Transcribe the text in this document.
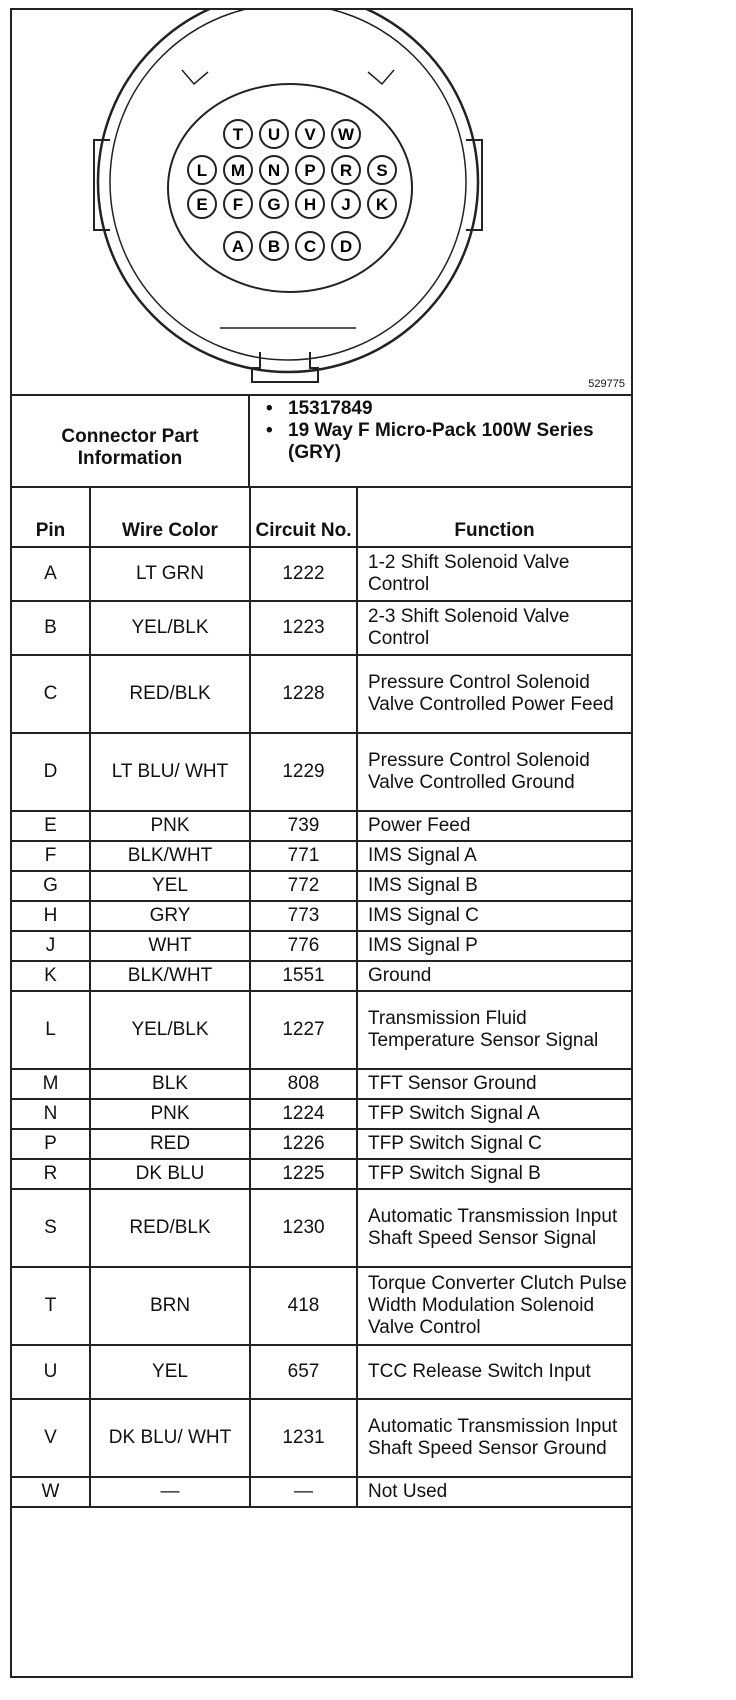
T U V W
L M N P R S
E F G H J K
A B C D
529775
Connector Part
Information
• 15317849
• 19 Way F Micro-Pack 100W Series (GRY)
Pin	Wire Color	Circuit No.	Function
A	LT GRN	1222	1-2 Shift Solenoid Valve Control
B	YEL/BLK	1223	2-3 Shift Solenoid Valve Control
C	RED/BLK	1228	Pressure Control Solenoid Valve Controlled Power Feed
D	LT BLU/ WHT	1229	Pressure Control Solenoid Valve Controlled Ground
E	PNK	739	Power Feed
F	BLK/WHT	771	IMS Signal A
G	YEL	772	IMS Signal B
H	GRY	773	IMS Signal C
J	WHT	776	IMS Signal P
K	BLK/WHT	1551	Ground
L	YEL/BLK	1227	Transmission Fluid Temperature Sensor Signal
M	BLK	808	TFT Sensor Ground
N	PNK	1224	TFP Switch Signal A
P	RED	1226	TFP Switch Signal C
R	DK BLU	1225	TFP Switch Signal B
S	RED/BLK	1230	Automatic Transmission Input Shaft Speed Sensor Signal
T	BRN	418	Torque Converter Clutch Pulse Width Modulation Solenoid Valve Control
U	YEL	657	TCC Release Switch Input
V	DK BLU/ WHT	1231	Automatic Transmission Input Shaft Speed Sensor Ground
W	—	—	Not Used
